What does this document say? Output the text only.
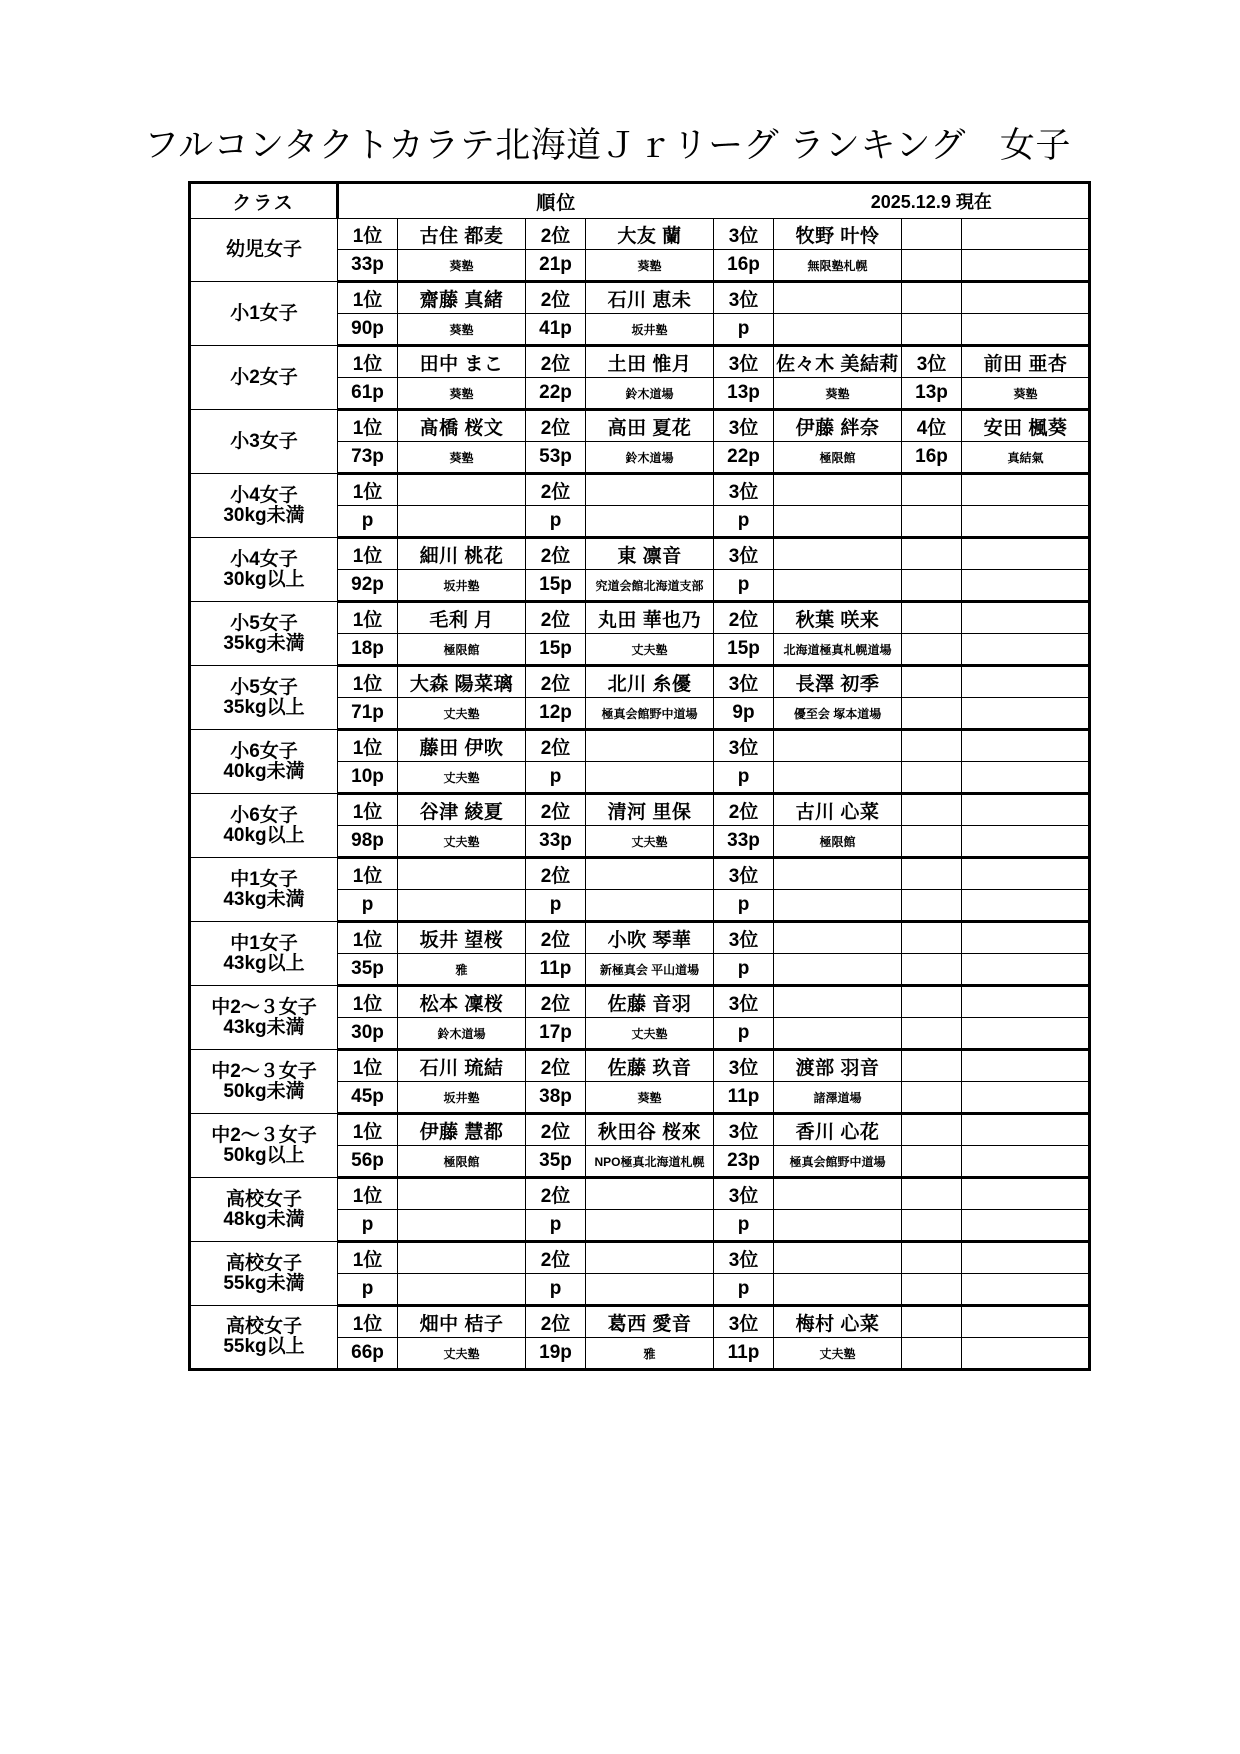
フルコンタクトカラテ北海道Ｊｒリーグ ランキング 女子
クラス	順位					2025.12.9 現在			

幼児女子	1位	古住 都麦	2位	大友 蘭	3位	牧野 叶怜				
	33p	葵塾	21p	葵塾	16p	無限塾札幌				

小1女子	1位	齋藤 真緒	2位	石川 恵未	3位					
	90p	葵塾	41p	坂井塾	p					

小2女子	1位	田中 まこ	2位	土田 惟月	3位	佐々木 美結莉	3位	前田 亜杏		
	61p	葵塾	22p	鈴木道場	13p	葵塾	13p	葵塾		

小3女子	1位	髙橋 桜文	2位	高田 夏花	3位	伊藤 絆奈	4位	安田 楓葵		
	73p	葵塾	53p	鈴木道場	22p	極限館	16p	真結氣		

小4女子
30kg未満	1位		2位		3位					
	p		p		p					

小4女子
30kg以上	1位	細川 桃花	2位	東 凛音	3位					
	92p	坂井塾	15p	究道会館北海道支部	p					

小5女子
35kg未満	1位	毛利 月	2位	丸田 華也乃	2位	秋葉 咲来				
	18p	極限館	15p	丈夫塾	15p	北海道極真札幌道場				

小5女子
35kg以上	1位	大森 陽菜璃	2位	北川 糸優	3位	長澤 初季				
	71p	丈夫塾	12p	極真会館野中道場	9p	優至会 塚本道場				

小6女子
40kg未満	1位	藤田 伊吹	2位		3位					
	10p	丈夫塾	p		p					

小6女子
40kg以上	1位	谷津 綾夏	2位	清河 里保	2位	古川 心菜				
	98p	丈夫塾	33p	丈夫塾	33p	極限館				

中1女子
43kg未満	1位		2位		3位					
	p		p		p					

中1女子
43kg以上	1位	坂井 望桜	2位	小吹 琴華	3位					
	35p	雅	11p	新極真会 平山道場	p					

中2～３女子
43kg未満	1位	松本 凜桜	2位	佐藤 音羽	3位					
	30p	鈴木道場	17p	丈夫塾	p					

中2～３女子
50kg未満	1位	石川 琉結	2位	佐藤 玖音	3位	渡部 羽音				
	45p	坂井塾	38p	葵塾	11p	諸澤道場				

中2～３女子
50kg以上	1位	伊藤 慧都	2位	秋田谷 桜來	3位	香川 心花				
	56p	極限館	35p	NPO極真北海道札幌	23p	極真会館野中道場				

高校女子
48kg未満	1位		2位		3位					
	p		p		p					

高校女子
55kg未満	1位		2位		3位					
	p		p		p					

高校女子
55kg以上	1位	畑中 桔子	2位	葛西 愛音	3位	梅村 心菜				
	66p	丈夫塾	19p	雅	11p	丈夫塾				
